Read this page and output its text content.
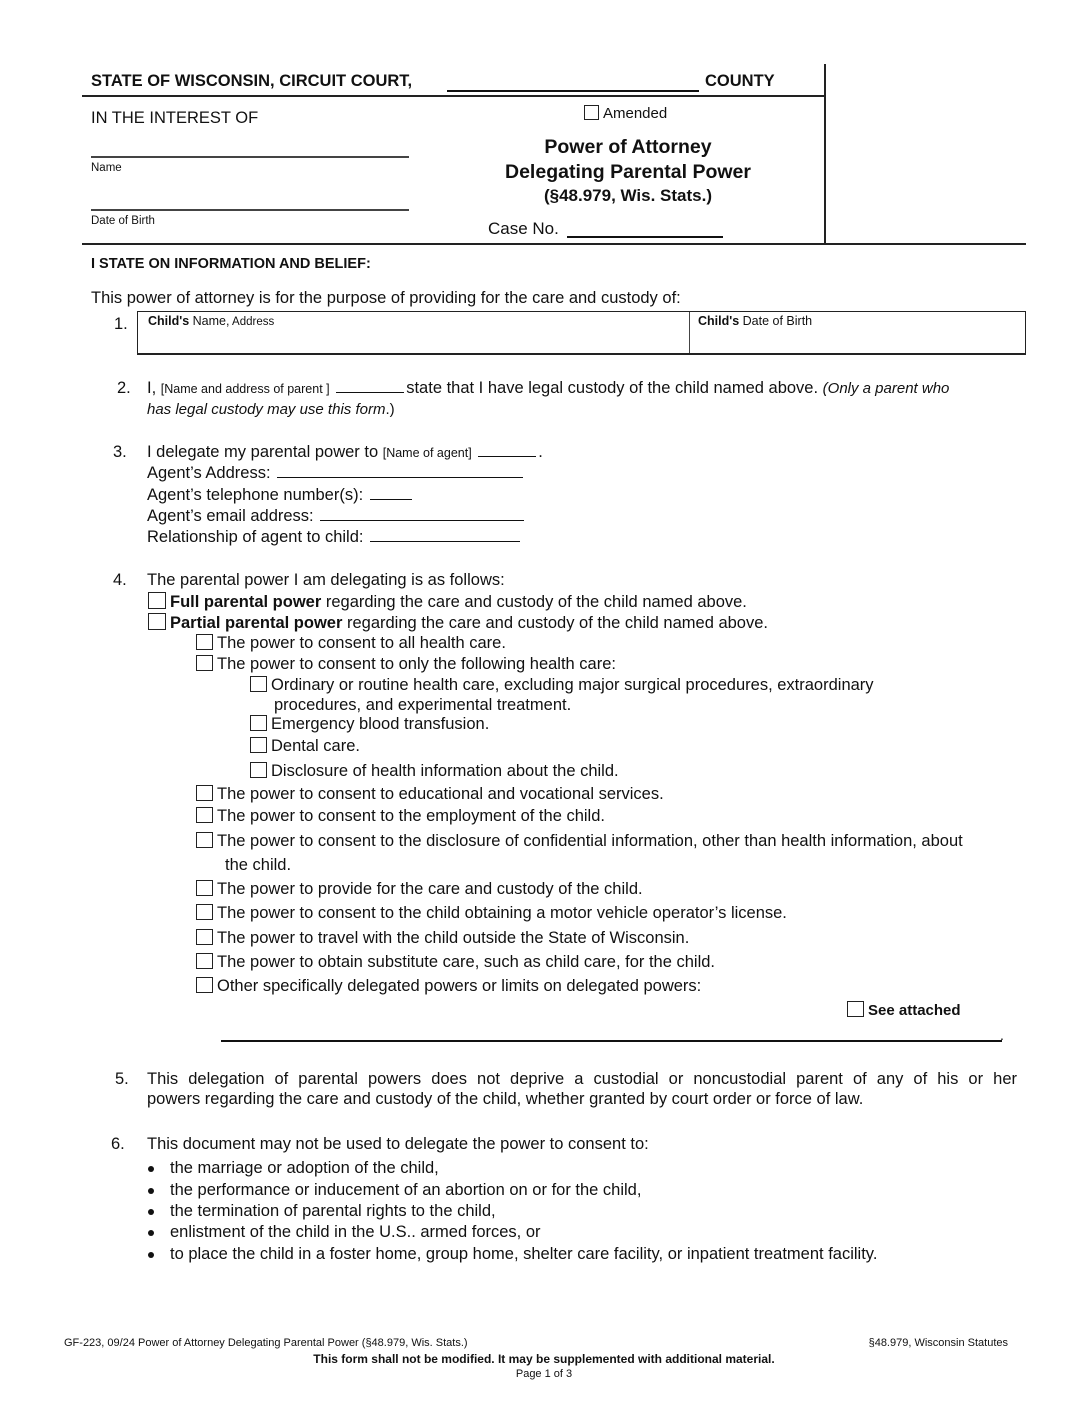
STATE OF WISCONSIN, CIRCUIT COURT,	COUNTY
IN THE INTEREST OF
Name
Date of Birth
Amended
Power of Attorney
Delegating Parental Power
(§48.979, Wis. Stats.)
Case No.
I STATE ON INFORMATION AND BELIEF:
This power of attorney is for the purpose of providing for the care and custody of:
1. Child's Name, Address	Child's Date of Birth
2. I, [Name and address of parent ]	state that I have legal custody of the child named above. (Only a parent who
has legal custody may use this form.)
3. I delegate my parental power to [Name of agent]	.
Agent’s Address:
Agent’s telephone number(s):
Agent’s email address:
Relationship of agent to child:
4. The parental power I am delegating is as follows:
Full parental power regarding the care and custody of the child named above.
Partial parental power regarding the care and custody of the child named above.
The power to consent to all health care.
The power to consent to only the following health care:
Ordinary or routine health care, excluding major surgical procedures, extraordinary
procedures, and experimental treatment.
Emergency blood transfusion.
Dental care.
Disclosure of health information about the child.
The power to consent to educational and vocational services.
The power to consent to the employment of the child.
The power to consent to the disclosure of confidential information, other than health information, about
the child.
The power to provide for the care and custody of the child.
The power to consent to the child obtaining a motor vehicle operator’s license.
The power to travel with the child outside the State of Wisconsin.
The power to obtain substitute care, such as child care, for the child.
Other specifically delegated powers or limits on delegated powers:
See attached
.
5. This delegation of parental powers does not deprive a custodial or noncustodial parent of any of his or her
powers regarding the care and custody of the child, whether granted by court order or force of law.
6. This document may not be used to delegate the power to consent to:
the marriage or adoption of the child,
the performance or inducement of an abortion on or for the child,
the termination of parental rights to the child,
enlistment of the child in the U.S.. armed forces, or
to place the child in a foster home, group home, shelter care facility, or inpatient treatment facility.
GF-223, 09/24 Power of Attorney Delegating Parental Power (§48.979, Wis. Stats.)	§48.979, Wisconsin Statutes
This form shall not be modified. It may be supplemented with additional material.
Page 1 of 3
